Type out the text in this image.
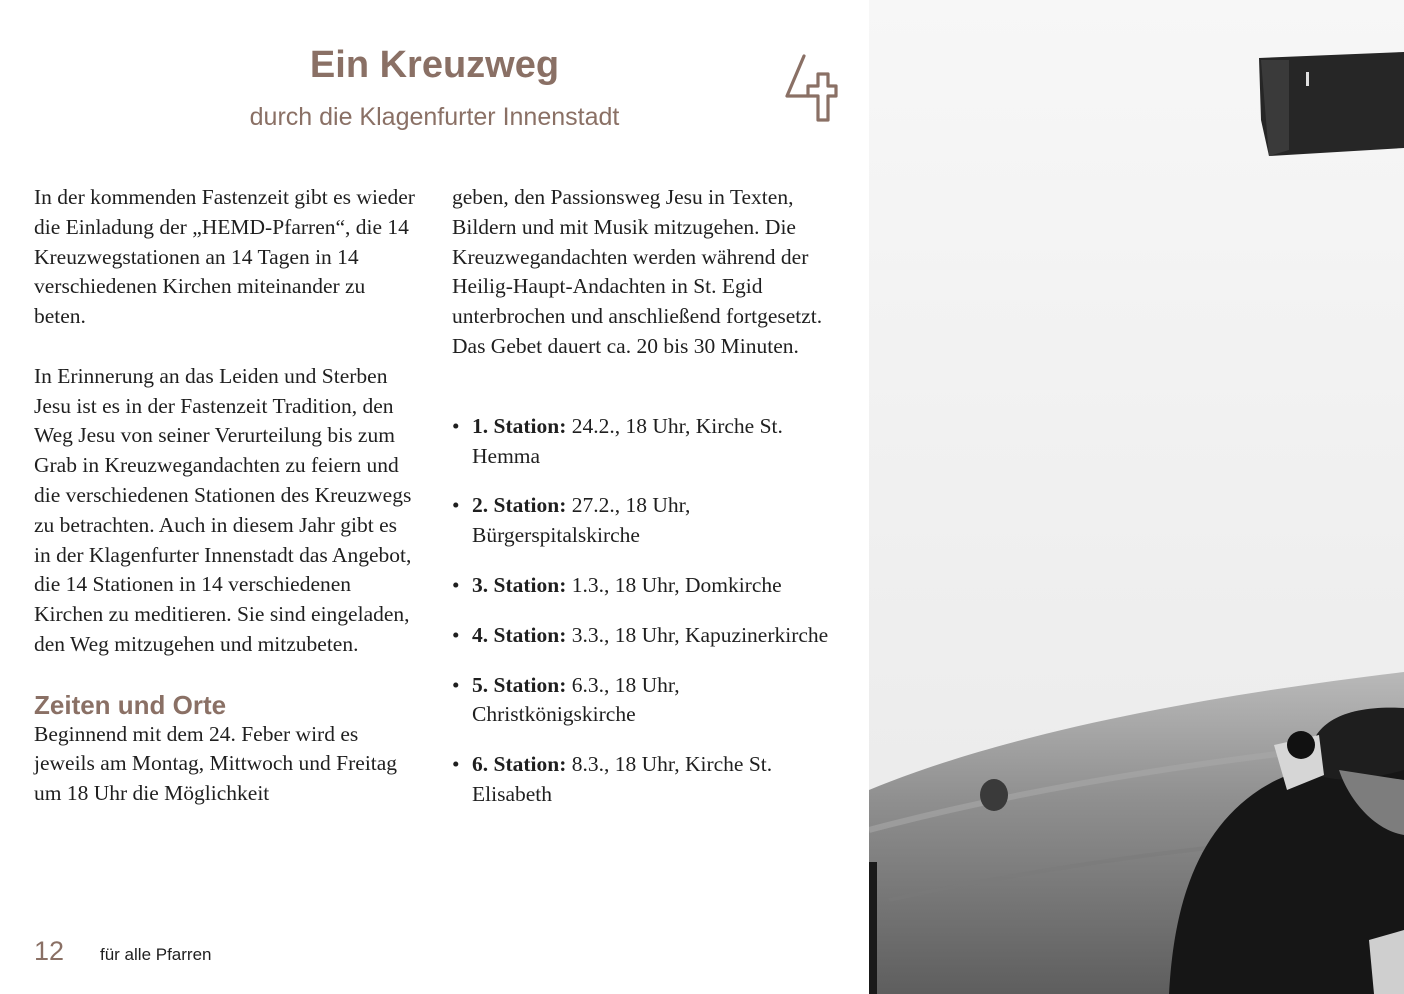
Ein Kreuzweg
durch die Klagenfurter Innenstadt

In der kommenden Fastenzeit gibt es wieder die Einladung der „HEMD-Pfarren“, die 14 Kreuzwegstationen an 14 Tagen in 14 verschiedenen Kirchen miteinander zu beten.

In Erinnerung an das Leiden und Sterben Jesu ist es in der Fastenzeit Tradition, den Weg Jesu von seiner Verurteilung bis zum Grab in Kreuzwegandachten zu feiern und die verschiedenen Stationen des Kreuzwegs zu betrachten. Auch in diesem Jahr gibt es in der Klagenfurter Innenstadt das Angebot, die 14 Stationen in 14 verschiedenen Kirchen zu meditieren. Sie sind eingeladen, den Weg mitzugehen und mitzubeten.

Zeiten und Orte

Beginnend mit dem 24. Feber wird es jeweils am Montag, Mittwoch und Freitag um 18 Uhr die Möglichkeit

geben, den Passionsweg Jesu in Texten, Bildern und mit Musik mitzugehen. Die Kreuzwegandachten werden während der Heilig-Haupt-Andachten in St. Egid unterbrochen und anschließend fortgesetzt. Das Gebet dauert ca. 20 bis 30 Minuten.

• 1. Station: 24.2., 18 Uhr, Kirche St. Hemma
• 2. Station: 27.2., 18 Uhr, Bürgerspitalskirche
• 3. Station: 1.3., 18 Uhr, Domkirche
• 4. Station: 3.3., 18 Uhr, Kapuzinerkirche
• 5. Station: 6.3., 18 Uhr, Christkönigskirche
• 6. Station: 8.3., 18 Uhr, Kirche St. Elisabeth
12	für alle Pfarren
